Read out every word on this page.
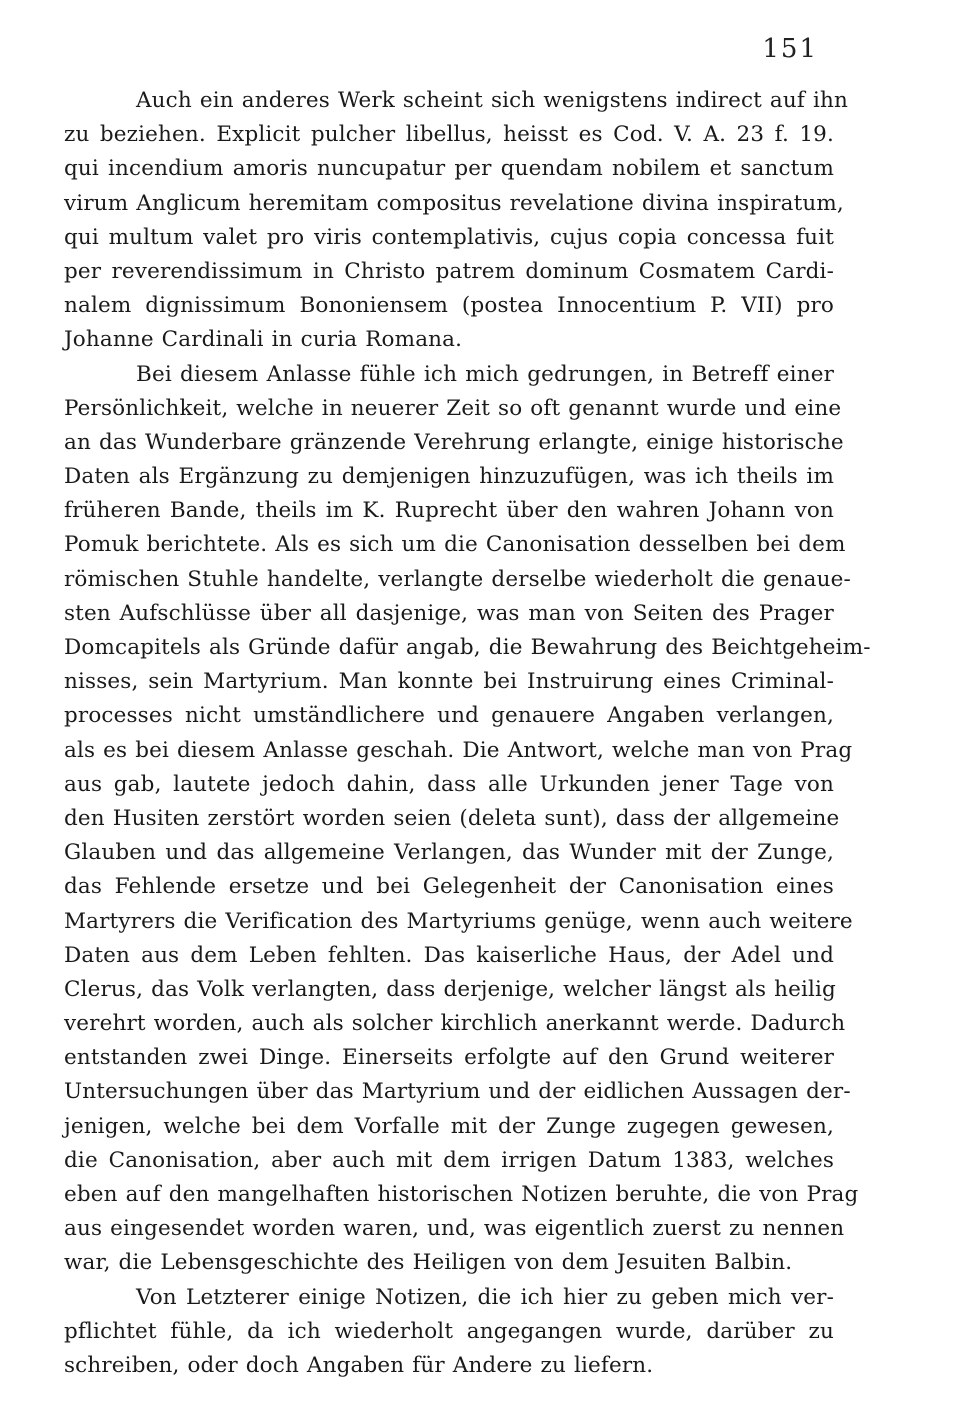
151
Auch ein anderes Werk scheint sich wenigstens indirect auf ihn
zu beziehen. Explicit pulcher libellus, heisst es Cod. V. A. 23 f. 19.
qui incendium amoris nuncupatur per quendam nobilem et sanctum
virum Anglicum heremitam compositus revelatione divina inspiratum,
qui multum valet pro viris contemplativis, cujus copia concessa fuit
per reverendissimum in Christo patrem dominum Cosmatem Cardi-
nalem dignissimum Bononiensem (postea Innocentium P. VII) pro
Johanne Cardinali in curia Romana.
Bei diesem Anlasse fühle ich mich gedrungen, in Betreff einer
Persönlichkeit, welche in neuerer Zeit so oft genannt wurde und eine
an das Wunderbare gränzende Verehrung erlangte, einige historische
Daten als Ergänzung zu demjenigen hinzuzufügen, was ich theils im
früheren Bande, theils im K. Ruprecht über den wahren Johann von
Pomuk berichtete. Als es sich um die Canonisation desselben bei dem
römischen Stuhle handelte, verlangte derselbe wiederholt die genaue-
sten Aufschlüsse über all dasjenige, was man von Seiten des Prager
Domcapitels als Gründe dafür angab, die Bewahrung des Beichtgeheim-
nisses, sein Martyrium. Man konnte bei Instruirung eines Criminal-
processes nicht umständlichere und genauere Angaben verlangen,
als es bei diesem Anlasse geschah. Die Antwort, welche man von Prag
aus gab, lautete jedoch dahin, dass alle Urkunden jener Tage von
den Husiten zerstört worden seien (deleta sunt), dass der allgemeine
Glauben und das allgemeine Verlangen, das Wunder mit der Zunge,
das Fehlende ersetze und bei Gelegenheit der Canonisation eines
Martyrers die Verification des Martyriums genüge, wenn auch weitere
Daten aus dem Leben fehlten. Das kaiserliche Haus, der Adel und
Clerus, das Volk verlangten, dass derjenige, welcher längst als heilig
verehrt worden, auch als solcher kirchlich anerkannt werde. Dadurch
entstanden zwei Dinge. Einerseits erfolgte auf den Grund weiterer
Untersuchungen über das Martyrium und der eidlichen Aussagen der-
jenigen, welche bei dem Vorfalle mit der Zunge zugegen gewesen,
die Canonisation, aber auch mit dem irrigen Datum 1383, welches
eben auf den mangelhaften historischen Notizen beruhte, die von Prag
aus eingesendet worden waren, und, was eigentlich zuerst zu nennen
war, die Lebensgeschichte des Heiligen von dem Jesuiten Balbin.
Von Letzterer einige Notizen, die ich hier zu geben mich ver-
pflichtet fühle, da ich wiederholt angegangen wurde, darüber zu
schreiben, oder doch Angaben für Andere zu liefern.
